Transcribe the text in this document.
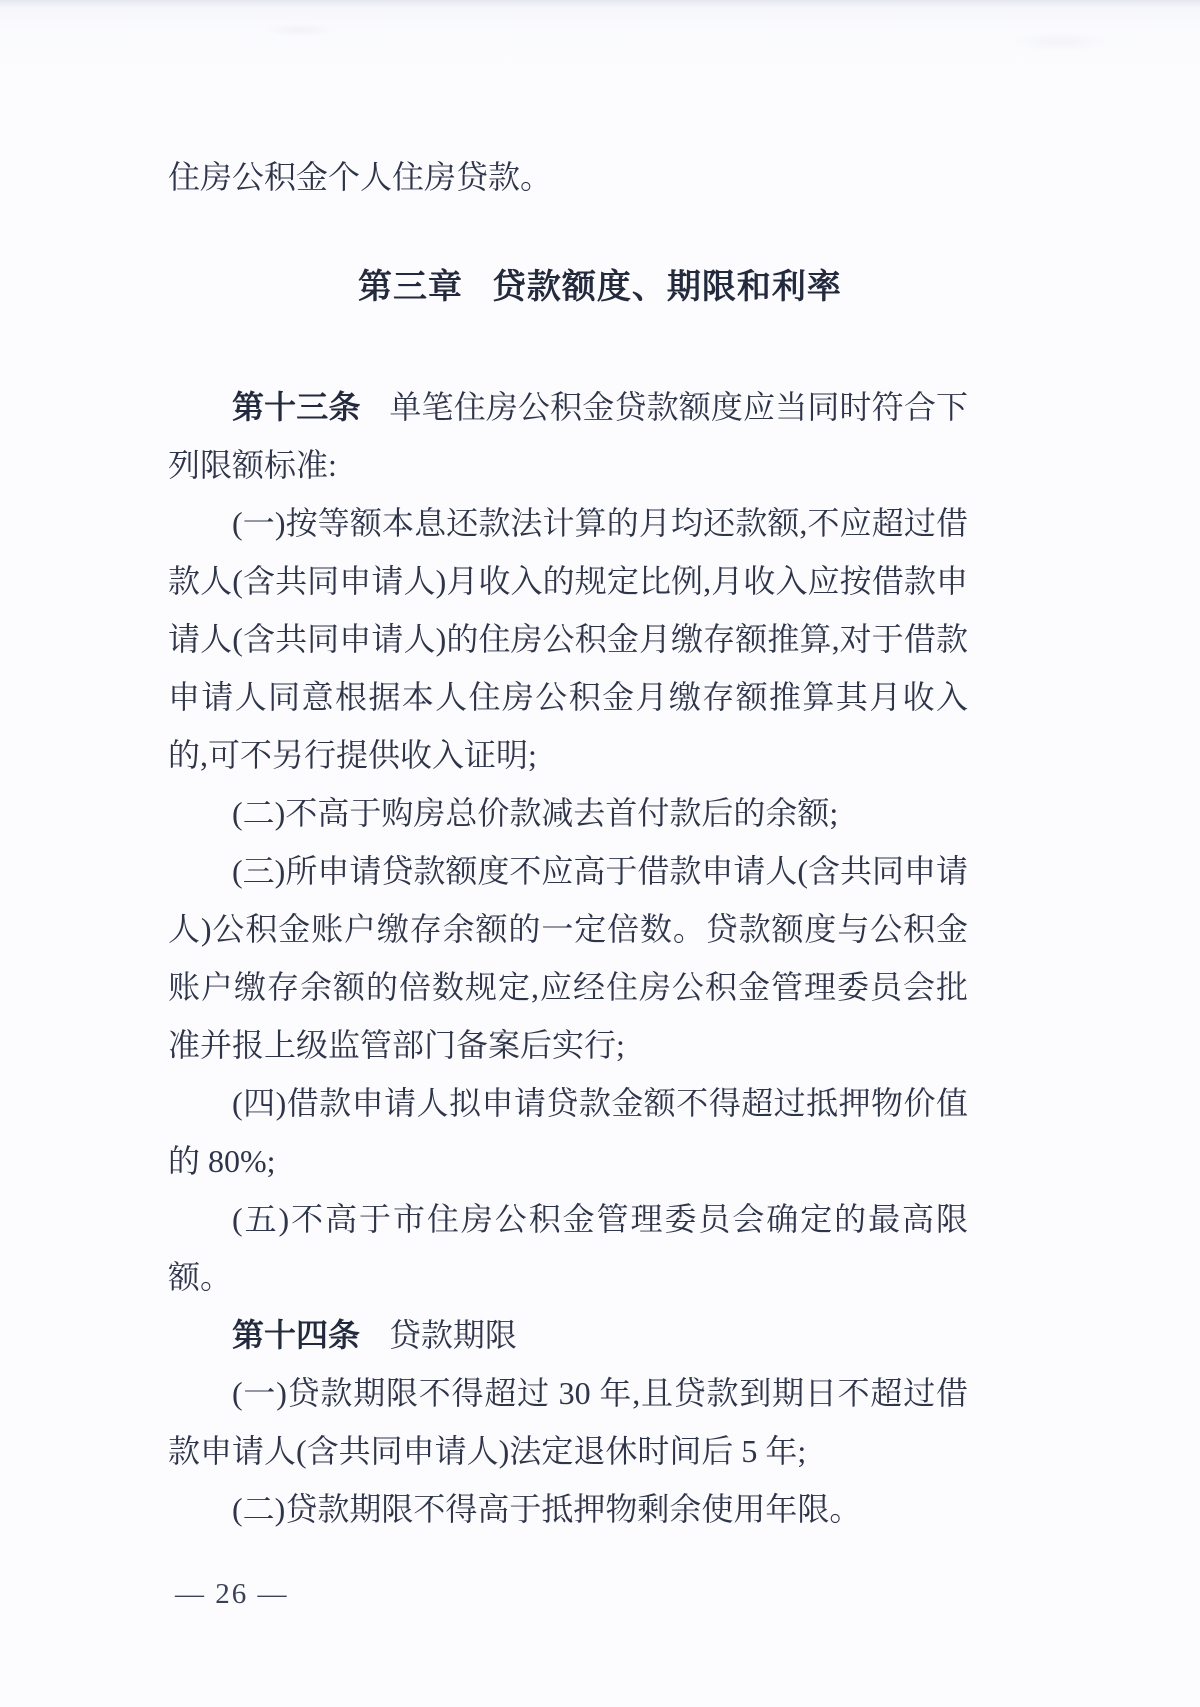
住房公积金个人住房贷款。

第三章 贷款额度、期限和利率

第十三条 单笔住房公积金贷款额度应当同时符合下列限额标准:

(一)按等额本息还款法计算的月均还款额,不应超过借款人(含共同申请人)月收入的规定比例,月收入应按借款申请人(含共同申请人)的住房公积金月缴存额推算,对于借款申请人同意根据本人住房公积金月缴存额推算其月收入的,可不另行提供收入证明;

(二)不高于购房总价款减去首付款后的余额;

(三)所申请贷款额度不应高于借款申请人(含共同申请人)公积金账户缴存余额的一定倍数。贷款额度与公积金账户缴存余额的倍数规定,应经住房公积金管理委员会批准并报上级监管部门备案后实行;

(四)借款申请人拟申请贷款金额不得超过抵押物价值的 80%;

(五)不高于市住房公积金管理委员会确定的最高限额。

第十四条 贷款期限

(一)贷款期限不得超过 30 年,且贷款到期日不超过借款申请人(含共同申请人)法定退休时间后 5 年;

(二)贷款期限不得高于抵押物剩余使用年限。

— 26 —
